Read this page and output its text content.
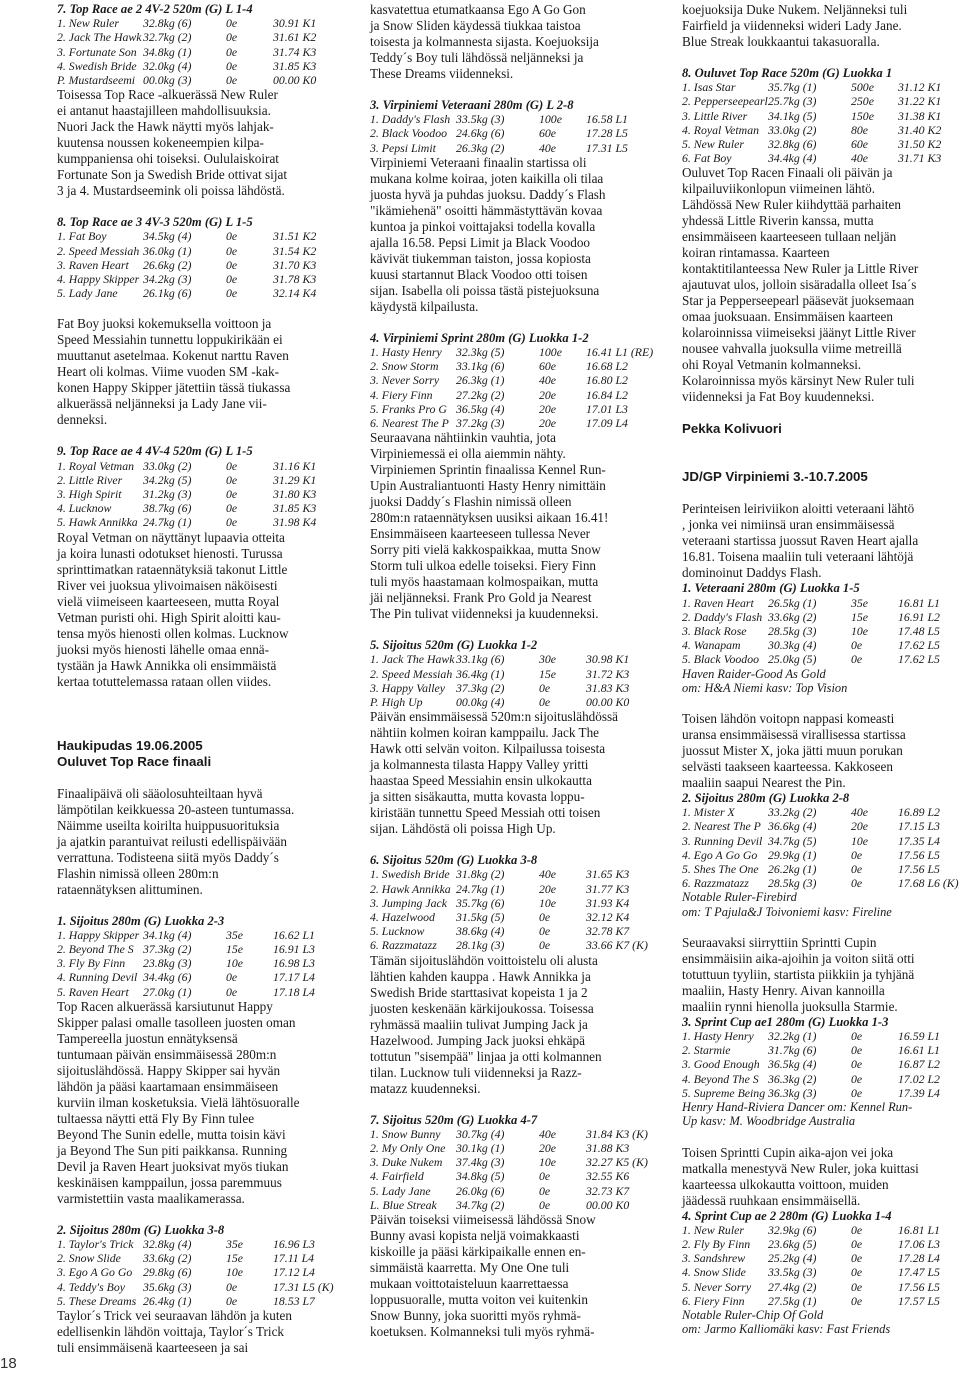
7. Top Race ae 2 4V-2 520m (G) L 1-4
1. New Ruler 32.8kg (6)	0e	30.91 K1
2. Jack The Hawk32.7kg (2)	0e	31.61 K2
3. Fortunate Son 34.8kg (1)	0e	31.74 K3
4. Swedish Bride 32.0kg (4)	0e	31.85 K3
P. Mustardseemi 00.0kg (3)	0e	00.00 K0
Toisessa Top Race -alkuerässä New Ruler
ei antanut haastajilleen mahdollisuuksia.
Nuori Jack the Hawk näytti myös lahjak-
kuutensa noussen kokeneempien kilpa-
kumppaniensa ohi toiseksi. Oululaiskoirat
Fortunate Son ja Swedish Bride ottivat sijat
3 ja 4. Mustardseemink oli poissa lähdöstä.
8. Top Race ae 3 4V-3 520m (G) L 1-5
1. Fat Boy	34.5kg (4)	0e	31.51 K2
2. Speed Messiah 36.0kg (1)	0e	31.54 K2
3. Raven Heart 26.6kg (2)	0e	31.70 K3
4. Happy Skipper 34.2kg (3)	0e	31.78 K3
5. Lady Jane 26.1kg (6)	0e	32.14 K4
Fat Boy juoksi kokemuksella voittoon ja
Speed Messiahin tunnettu loppukirikään ei
muuttanut asetelmaa. Kokenut narttu Raven
Heart oli kolmas. Viime vuoden SM -kak-
konen Happy Skipper jätettiin tässä tiukassa
alkuerässä neljänneksi ja Lady Jane vii-
denneksi.
9. Top Race ae 4 4V-4 520m (G) L 1-5
1. Royal Vetman 33.0kg (2)	0e	31.16 K1
2. Little River 34.2kg (5)	0e	31.29 K1
3. High Spirit 31.2kg (3)	0e	31.80 K3
4. Lucknow	38.7kg (6)	0e	31.85 K3
5. Hawk Annikka 24.7kg (1)	0e	31.98 K4
Royal Vetman on näyttänyt lupaavia otteita
ja koira lunasti odotukset hienosti. Turussa
sprinttimatkan rataennätyksiä takonut Little
River vei juoksua ylivoimaisen näköisesti
vielä viimeiseen kaarteeseen, mutta Royal
Vetman puristi ohi. High Spirit aloitti kau-
tensa myös hienosti ollen kolmas. Lucknow
juoksi myös hienosti lähelle omaa ennä-
tystään ja Hawk Annikka oli ensimmäistä
kertaa totuttelemassa rataan ollen viides.
Haukipudas 19.06.2005
Ouluvet Top Race finaali
Finaalipäivä oli sääolosuhteiltaan hyvä
lämpötilan keikkuessa 20-asteen tuntumassa.
Näimme useilta koirilta huippusuorituksia
ja ajatkin parantuivat reilusti edellispäivään
verrattuna. Todisteena siitä myös Daddy´s
Flashin nimissä olleen 280m:n
rataennätyksen alittuminen.
1. Sijoitus 280m (G) Luokka 2-3
1. Happy Skipper 34.1kg (4)	35e	16.62 L1
2. Beyond The S 37.3kg (2)	15e	16.91 L3
3. Fly By Finn 23.8kg (3)	10e	16.98 L3
4. Running Devil 34.4kg (6)	0e	17.17 L4
5. Raven Heart 27.0kg (1)	0e	17.18 L4
Top Racen alkuerässä karsiutunut Happy
Skipper palasi omalle tasolleen juosten oman
Tampereella juostun ennätyksensä
tuntumaan päivän ensimmäisessä 280m:n
sijoituslähdössä. Happy Skipper sai hyvän
lähdön ja pääsi kaartamaan ensimmäiseen
kurviin ilman kosketuksia. Vielä lähtösuoralle
tultaessa näytti että Fly By Finn tulee
Beyond The Sunin edelle, mutta toisin kävi
ja Beyond The Sun piti paikkansa. Running
Devil ja Raven Heart juoksivat myös tiukan
keskinäisen kamppailun, jossa paremmuus
varmistettiin vasta maalikamerassa.
2. Sijoitus 280m (G) Luokka 3-8
1. Taylor's Trick 32.8kg (4)	35e	16.96 L3
2. Snow Slide 33.6kg (2)	15e	17.11 L4
3. Ego A Go Go 29.8kg (6)	10e	17.12 L4
4. Teddy's Boy 35.6kg (3)	0e	17.31 L5 (K)
5. These Dreams 26.4kg (1)	0e	18.53 L7
Taylor´s Trick vei seuraavan lähdön ja kuten
edellisenkin lähdön voittaja, Taylor´s Trick
tuli ensimmäisenä kaarteeseen ja sai
kasvatettua etumatkaansa Ego A Go Gon
ja Snow Sliden käydessä tiukkaa taistoa
toisesta ja kolmannesta sijasta. Koejuoksija
Teddy´s Boy tuli lähdössä neljänneksi ja
These Dreams viidenneksi.
3. Virpiniemi Veteraani 280m (G) L 2-8
1. Daddy's Flash 33.5kg (3)	100e 16.58 L1
2. Black Voodoo 24.6kg (6)	60e	17.28 L5
3. Pepsi Limit 26.3kg (2)	40e	17.31 L5
Virpiniemi Veteraani finaalin startissa oli
mukana kolme koiraa, joten kaikilla oli tilaa
juosta hyvä ja puhdas juoksu. Daddy´s Flash
"ikämiehenä" osoitti hämmästyttävän kovaa
kuntoa ja pinkoi voittajaksi todella kovalla
ajalla 16.58. Pepsi Limit ja Black Voodoo
kävivät tiukemman taiston, jossa kopiosta
kuusi startannut Black Voodoo otti toisen
sijan. Isabella oli poissa tästä pistejuoksuna
käydystä kilpailusta.
4. Virpiniemi Sprint 280m (G) Luokka 1-2
1. Hasty Henry 32.3kg (5)	100e 16.41 L1 (RE)
2. Snow Storm 33.1kg (6)	60e	16.68 L2
3. Never Sorry 26.3kg (1)	40e	16.80 L2
4. Fiery Finn 27.2kg (2)	20e	16.84 L2
5. Franks Pro G 36.5kg (4)	20e	17.01 L3
6. Nearest The P 37.2kg (3)	20e	17.09 L4
Seuraavana nähtiinkin vauhtia, jota
Virpiniemessä ei olla aiemmin nähty.
Virpiniemen Sprintin finaalissa Kennel Run-
Upin Australiantuonti Hasty Henry nimittäin
juoksi Daddy´s Flashin nimissä olleen
280m:n rataennätyksen uusiksi aikaan 16.41!
Ensimmäiseen kaarteeseen tullessa Never
Sorry piti vielä kakkospaikkaa, mutta Snow
Storm tuli ulkoa edelle toiseksi. Fiery Finn
tuli myös haastamaan kolmospaikan, mutta
jäi neljänneksi. Frank Pro Gold ja Nearest
The Pin tulivat viidenneksi ja kuudenneksi.
5. Sijoitus 520m (G) Luokka 1-2
1. Jack The Hawk33.1kg (6)	30e	30.98 K1
2. Speed Messiah 36.4kg (1)	15e	31.72 K3
3. Happy Valley 37.3kg (2)	0e	31.83 K3
P. High Up	00.0kg (4)	0e	00.00 K0
Päivän ensimmäisessä 520m:n sijoituslähdössä
nähtiin kolmen koiran kamppailu. Jack The
Hawk otti selvän voiton. Kilpailussa toisesta
ja kolmannesta tilasta Happy Valley yritti
haastaa Speed Messiahin ensin ulkokautta
ja sitten sisäkautta, mutta kovasta loppu-
kiristään tunnettu Speed Messiah otti toisen
sijan. Lähdöstä oli poissa High Up.
6. Sijoitus 520m (G) Luokka 3-8
1. Swedish Bride 31.8kg (2)	40e	31.65 K3
2. Hawk Annikka 24.7kg (1)	20e	31.77 K3
3. Jumping Jack 35.7kg (6)	10e	31.93 K4
4. Hazelwood 31.5kg (5)	0e	32.12 K4
5. Lucknow	38.6kg (4)	0e	32.78 K7
6. Razzmatazz 28.1kg (3)	0e	33.66 K7 (K)
Tämän sijoituslähdön voittoistelu oli alusta
lähtien kahden kauppa . Hawk Annikka ja
Swedish Bride starttasivat kopeista 1 ja 2
juosten keskenään kärkijoukossa. Toisessa
ryhmässä maaliin tulivat Jumping Jack ja
Hazelwood. Jumping Jack juoksi ehkäpä
tottutun "sisempää" linjaa ja otti kolmannen
tilan. Lucknow tuli viidenneksi ja Razz-
matazz kuudenneksi.
7. Sijoitus 520m (G) Luokka 4-7
1. Snow Bunny 30.7kg (4)	40e	31.84 K3 (K)
2. My Only One 30.1kg (1)	20e	31.88 K3
3. Duke Nukem 37.4kg (3)	10e	32.27 K5 (K)
4. Fairfield	34.8kg (5)	0e	32.55 K6
5. Lady Jane 26.0kg (6)	0e	32.73 K7
L. Blue Streak 34.7kg (2)	0e	00.00 K0
Päivän toiseksi viimeisessä lähdössä Snow
Bunny avasi kopista neljä voimakkaasti
kiskoille ja pääsi kärkipaikalle ennen en-
simmäistä kaarretta. My One One tuli
mukaan voittotaisteluun kaarrettaessa
loppusuoralle, mutta voiton vei kuitenkin
Snow Bunny, joka suoritti myös ryhmä-
koetuksen. Kolmanneksi tuli myös ryhmä-
koejuoksija Duke Nukem. Neljänneksi tuli
Fairfield ja viidenneksi wideri Lady Jane.
Blue Streak loukkaantui takasuoralla.
8. Ouluvet Top Race 520m (G) Luokka 1
1. Isas Star	35.7kg (1)	500e 31.12 K1
2. Pepperseepearl25.7kg (3)	250e 31.22 K1
3. Little River 34.1kg (5)	150e 31.38 K1
4. Royal Vetman 33.0kg (2)	80e	31.40 K2
5. New Ruler 32.8kg (6)	60e	31.50 K2
6. Fat Boy	34.4kg (4)	40e	31.71 K3
Ouluvet Top Racen Finaali oli päivän ja
kilpailuviikonlopun viimeinen lähtö.
Lähdössä New Ruler kiihdyttää parhaiten
yhdessä Little Riverin kanssa, mutta
ensimmäiseen kaarteeseen tullaan neljän
koiran rintamassa. Kaarteen
kontaktitilanteessa New Ruler ja Little River
ajautuvat ulos, jolloin sisäradalla olleet Isa´s
Star ja Pepperseepearl pääsevät juoksemaan
omaa juoksuaan. Ensimmäisen kaarteen
kolaroinnissa viimeiseksi jäänyt Little River
nousee vahvalla juoksulla viime metreillä
ohi Royal Vetmanin kolmanneksi.
Kolaroinnissa myös kärsinyt New Ruler tuli
viidenneksi ja Fat Boy kuudenneksi.
Pekka Kolivuori
JD/GP Virpiniemi 3.-10.7.2005
Perinteisen leiriviikon aloitti veteraani lähtö
, jonka vei nimiinsä uran ensimmäisessä
veteraani startissa juossut Raven Heart ajalla
16.81. Toisena maaliin tuli veteraani lähtöjä
dominoinut Daddys Flash.
1. Veteraani 280m (G) Luokka 1-5
1. Raven Heart 26.5kg (1)	35e	16.81 L1
2. Daddy's Flash 33.6kg (2)	15e	16.91 L2
3. Black Rose 28.5kg (3)	10e	17.48 L5
4. Wanapam 30.3kg (4)	0e	17.62 L5
5. Black Voodoo 25.0kg (5)	0e	17.62 L5
Haven Raider-Good As Gold
om: H&A Niemi kasv: Top Vision
Toisen lähdön voitopn nappasi komeasti
uransa ensimmäisessä virallisessa startissa
juossut Mister X, joka jätti muun porukan
selvästi taakseen kaarteessa. Kakkoseen
maaliin saapui Nearest the Pin.
2. Sijoitus 280m (G) Luokka 2-8
1. Mister X	33.2kg (2)	40e	16.89 L2
2. Nearest The P 36.6kg (4)	20e	17.15 L3
3. Running Devil 34.7kg (5)	10e	17.35 L4
4. Ego A Go Go 29.9kg (1)	0e	17.56 L5
5. Shes The One 26.2kg (1)	0e	17.56 L5
6. Razzmatazz 28.5kg (3)	0e	17.68 L6 (K)
Notable Ruler-Firebird
om: T Pajula&J Toivoniemi kasv: Fireline
Seuraavaksi siirryttiin Sprintti Cupin
ensimmäisiin aika-ajoihin ja voiton siitä otti
totuttuun tyyliin, startista piikkiin ja tyhjänä
maaliin, Hasty Henry. Aivan kannoilla
maaliin rynni hienolla juoksulla Starmie.
3. Sprint Cup ae1 280m (G) Luokka 1-3
1. Hasty Henry 32.2kg (1)	0e	16.59 L1
2. Starmie	31.7kg (6)	0e	16.61 L1
3. Good Enough 36.5kg (4)	0e	16.87 L2
4. Beyond The S 36.3kg (2)	0e	17.02 L2
5. Supreme Being 36.3kg (3)	0e	17.39 L4
Henry Hand-Riviera Dancer om: Kennel Run-
Up kasv: M. Woodbridge Australia
Toisen Sprintti Cupin aika-ajon vei joka
matkalla menestyvä New Ruler, joka kuittasi
kaarteessa ulkokautta voittoon, muiden
jäädessä ruuhkaan ensimmäisellä.
4. Sprint Cup ae 2 280m (G) Luokka 1-4
1. New Ruler 32.9kg (6)	0e	16.81 L1
2. Fly By Finn 23.6kg (5)	0e	17.06 L3
3. Sandshrew 25.2kg (4)	0e	17.28 L4
4. Snow Slide 33.5kg (3)	0e	17.47 L5
5. Never Sorry 27.4kg (2)	0e	17.56 L5
6. Fiery Finn 27.5kg (1)	0e	17.57 L5
Notable Ruler-Chip Of Gold
om: Jarmo Kalliomäki kasv: Fast Friends
18
